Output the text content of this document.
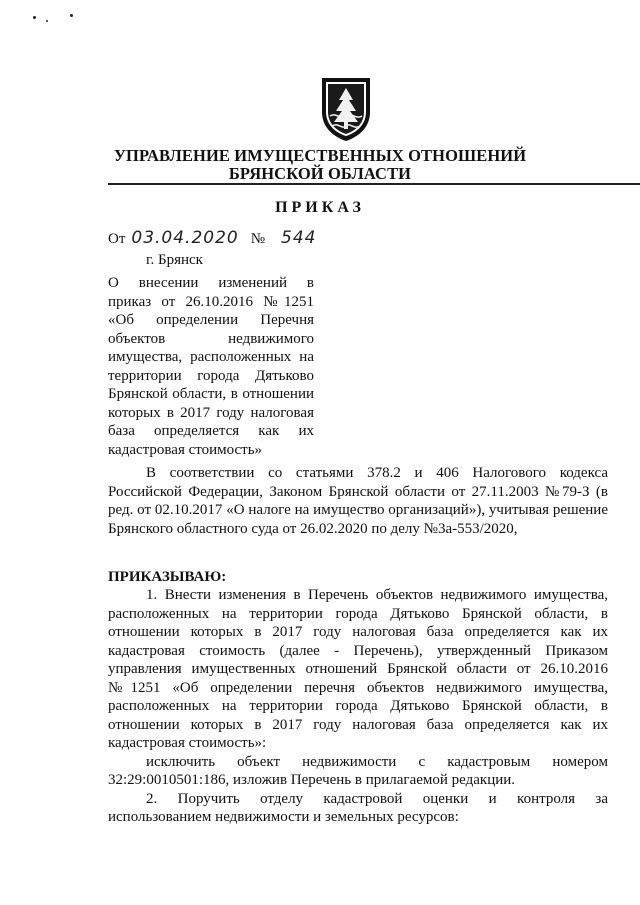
УПРАВЛЕНИЕ ИМУЩЕСТВЕННЫХ ОТНОШЕНИЙ
БРЯНСКОЙ ОБЛАСТИ
ПРИКАЗ
От 03.04.2020 № 544
г. Брянск
О внесении изменений в
приказ от 26.10.2016 №1251
«Об определении Перечня
объектов недвижимого
имущества, расположенных на
территории города Дятьково
Брянской области, в отношении
которых в 2017 году налоговая
база определяется как их
кадастровая стоимость»
В соответствии со статьями 378.2 и 406 Налогового кодекса
Российской Федерации, Законом Брянской области от 27.11.2003 №79-З (в
ред. от 02.10.2017 «О налоге на имущество организаций»), учитывая решение
Брянского областного суда от 26.02.2020 по делу №3а-553/2020,
ПРИКАЗЫВАЮ:
1. Внести изменения в Перечень объектов недвижимого имущества,
расположенных на территории города Дятьково Брянской области, в
отношении которых в 2017 году налоговая база определяется как их
кадастровая стоимость (далее - Перечень), утвержденный Приказом
управления имущественных отношений Брянской области от 26.10.2016
№1251 «Об определении перечня объектов недвижимого имущества,
расположенных на территории города Дятьково Брянской области, в
отношении которых в 2017 году налоговая база определяется как их
кадастровая стоимость»:
исключить объект недвижимости с кадастровым номером
32:29:0010501:186, изложив Перечень в прилагаемой редакции.
2. Поручить отделу кадастровой оценки и контроля за
использованием недвижимости и земельных ресурсов:
